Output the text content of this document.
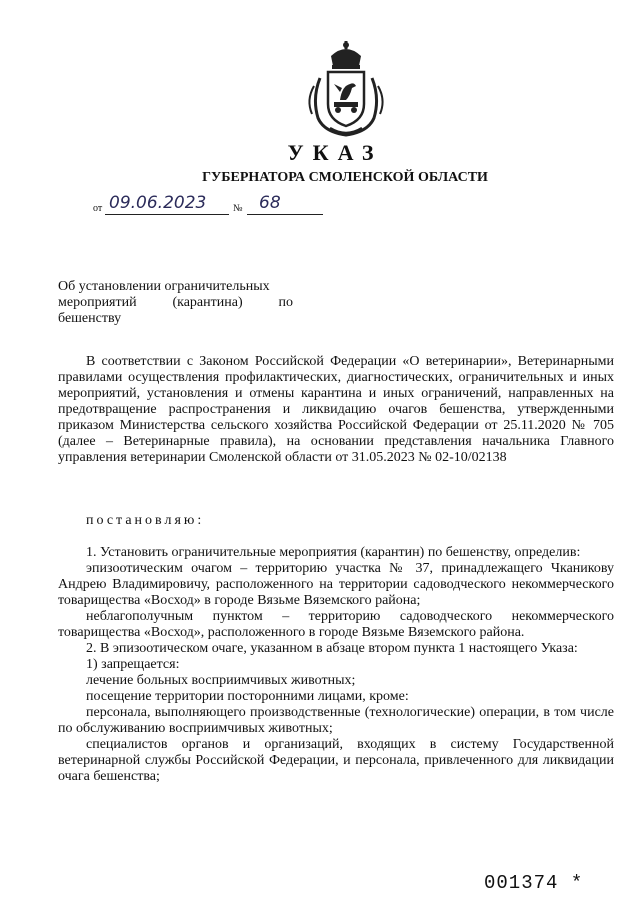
УКАЗ
ГУБЕРНАТОРА СМОЛЕНСКОЙ ОБЛАСТИ
от 09.06.2023	№ 68
Об установлении ограничительных
мероприятий	(карантина)	по
бешенству

В соответствии с Законом Российской Федерации «О ветеринарии», Ветеринарными правилами осуществления профилактических, диагностических, ограничительных и иных мероприятий, установления и отмены карантина и иных ограничений, направленных на предотвращение распространения и ликвидацию очагов бешенства, утвержденными приказом Министерства сельского хозяйства Российской Федерации от 25.11.2020 № 705 (далее – Ветеринарные правила), на основании представления начальника Главного управления ветеринарии Смоленской области от 31.05.2023 № 02-10/02138

постановляю:

1. Установить ограничительные мероприятия (карантин) по бешенству, определив:

эпизоотическим очагом – территорию участка № 37, принадлежащего Чканикову Андрею Владимировичу, расположенного на территории садоводческого некоммерческого товарищества «Восход» в городе Вязьме Вяземского района;

неблагополучным пунктом – территорию садоводческого некоммерческого товарищества «Восход», расположенного в городе Вязьме Вяземского района.

2. В эпизоотическом очаге, указанном в абзаце втором пункта 1 настоящего Указа:

1) запрещается:

лечение больных восприимчивых животных;

посещение территории посторонними лицами, кроме:

персонала, выполняющего производственные (технологические) операции, в том числе по обслуживанию восприимчивых животных;

специалистов органов и организаций, входящих в систему Государственной ветеринарной службы Российской Федерации, и персонала, привлеченного для ликвидации очага бешенства;

001374 *
